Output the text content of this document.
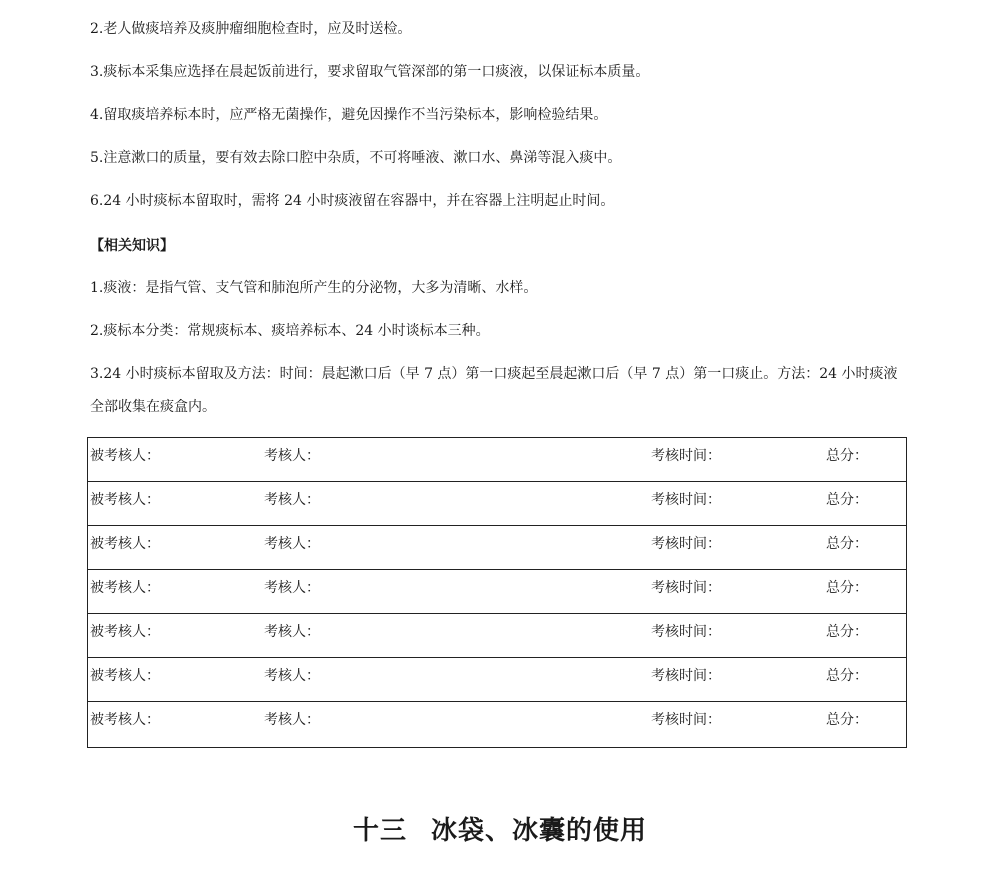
2.老人做痰培养及痰肿瘤细胞检查时，应及时送检。
3.痰标本采集应选择在晨起饭前进行，要求留取气管深部的第一口痰液，以保证标本质量。
4.留取痰培养标本时，应严格无菌操作，避免因操作不当污染标本，影响检验结果。
5.注意漱口的质量，要有效去除口腔中杂质，不可将唾液、漱口水、鼻涕等混入痰中。
6.24 小时痰标本留取时，需将 24 小时痰液留在容器中，并在容器上注明起止时间。
【相关知识】
1.痰液：是指气管、支气管和肺泡所产生的分泌物，大多为清晰、水样。
2.痰标本分类：常规痰标本、痰培养标本、24 小时谈标本三种。
3.24 小时痰标本留取及方法：时间：晨起漱口后（早 7 点）第一口痰起至晨起漱口后（早 7 点）第一口痰止。方法：24 小时痰液全部收集在痰盒内。
被考核人：	考核人：	考核时间：	总分：
被考核人：	考核人：	考核时间：	总分：
被考核人：	考核人：	考核时间：	总分：
被考核人：	考核人：	考核时间：	总分：
被考核人：	考核人：	考核时间：	总分：
被考核人：	考核人：	考核时间：	总分：
被考核人：	考核人：	考核时间：	总分：
十三 冰袋、冰囊的使用
